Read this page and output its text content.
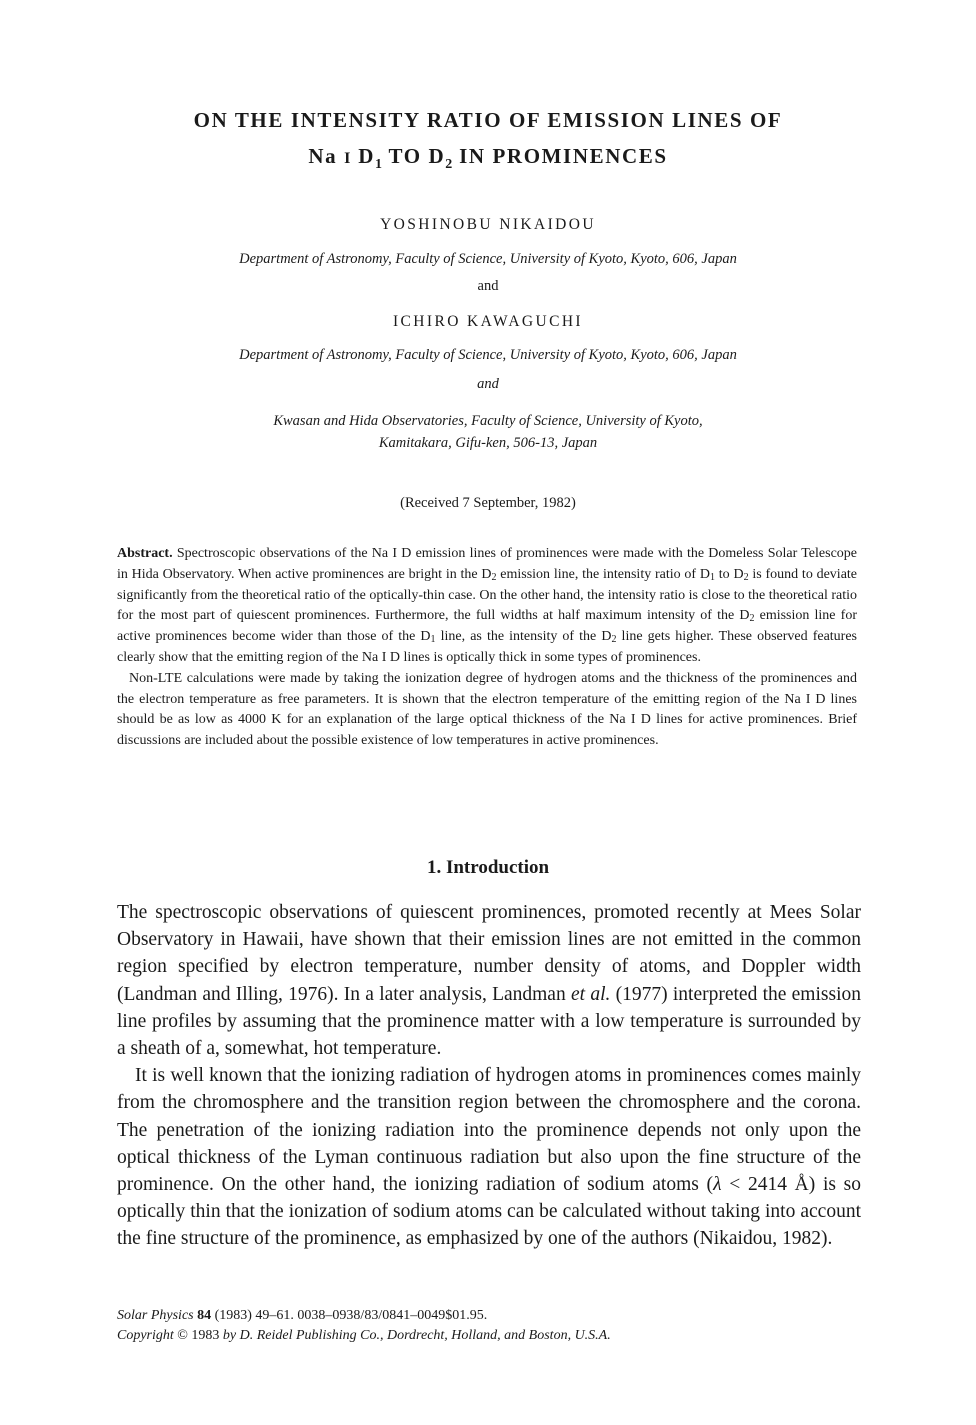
ON THE INTENSITY RATIO OF EMISSION LINES OF
Na I $D_1$ TO $D_2$ IN PROMINENCES
YOSHINOBU NIKAIDOU
Department of Astronomy, Faculty of Science, University of Kyoto, Kyoto, 606, Japan
and
ICHIRO KAWAGUCHI
Department of Astronomy, Faculty of Science, University of Kyoto, Kyoto, 606, Japan
and
Kwasan and Hida Observatories, Faculty of Science, University of Kyoto,
Kamitakara, Gifu-ken, 506-13, Japan
(Received 7 September, 1982)

Abstract. Spectroscopic observations of the Na I D emission lines of prominences were made with the Domeless Solar Telescope in Hida Observatory. When active prominences are bright in the $D_2$ emission line, the intensity ratio of $D_1$ to $D_2$ is found to deviate significantly from the theoretical ratio of the optically-thin case. On the other hand, the intensity ratio is close to the theoretical ratio for the most part of quiescent prominences. Furthermore, the full widths at half maximum intensity of the $D_2$ emission line for active prominences become wider than those of the $D_1$ line, as the intensity of the $D_2$ line gets higher. These observed features clearly show that the emitting region of the Na I D lines is optically thick in some types of prominences.

Non-LTE calculations were made by taking the ionization degree of hydrogen atoms and the thickness of the prominences and the electron temperature as free parameters. It is shown that the electron temperature of the emitting region of the Na I D lines should be as low as 4000 K for an explanation of the large optical thickness of the Na I D lines for active prominences. Brief discussions are included about the possible existence of low temperatures in active prominences.

1. Introduction

The spectroscopic observations of quiescent prominences, promoted recently at Mees Solar Observatory in Hawaii, have shown that their emission lines are not emitted in the common region specified by electron temperature, number density of atoms, and Doppler width (Landman and Illing, 1976). In a later analysis, Landman et al. (1977) interpreted the emission line profiles by assuming that the prominence matter with a low temperature is surrounded by a sheath of a, somewhat, hot temperature.

It is well known that the ionizing radiation of hydrogen atoms in prominences comes mainly from the chromosphere and the transition region between the chromosphere and the corona. The penetration of the ionizing radiation into the prominence depends not only upon the optical thickness of the Lyman continuous radiation but also upon the fine structure of the prominence. On the other hand, the ionizing radiation of sodium atoms (λ < 2414 Å) is so optically thin that the ionization of sodium atoms can be calculated without taking into account the fine structure of the prominence, as emphasized by one of the authors (Nikaidou, 1982).

Solar Physics 84 (1983) 49–61. 0038–0938/83/0841–0049$01.95.
Copyright © 1983 by D. Reidel Publishing Co., Dordrecht, Holland, and Boston, U.S.A.
